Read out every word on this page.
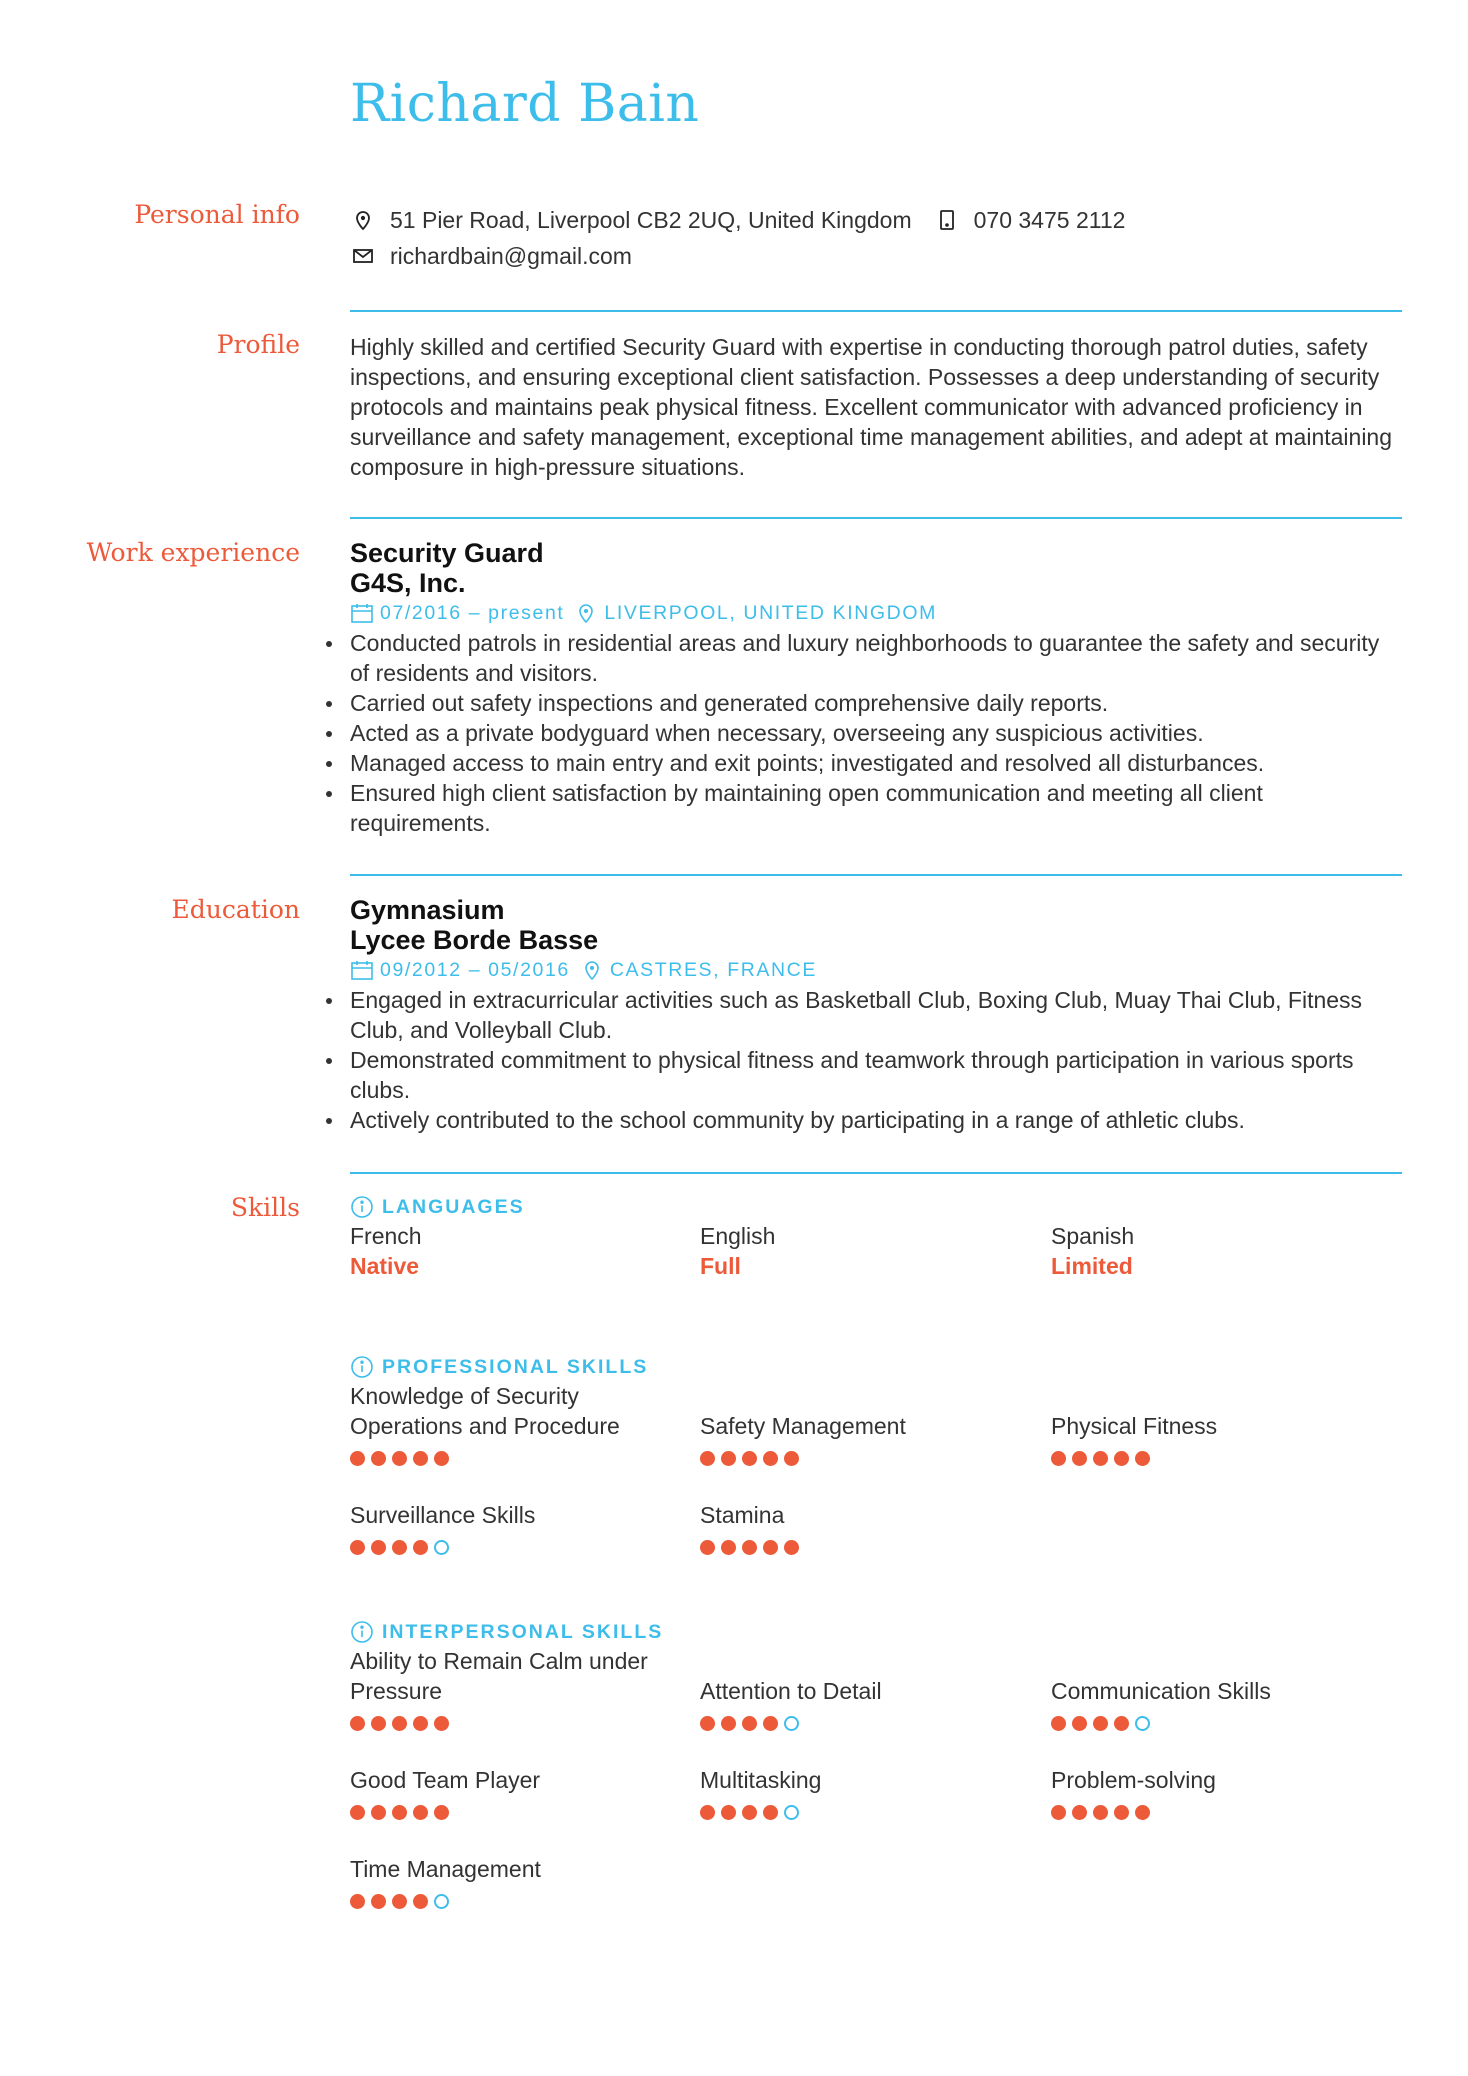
Richard Bain
Personal info	51 Pier Road, Liverpool CB2 2UQ, United Kingdom	070 3475 2112
richardbain@gmail.com
Profile Highly skilled and certified Security Guard with expertise in conducting thorough patrol duties, safety inspections, and ensuring exceptional client satisfaction. Possesses a deep understanding of security protocols and maintains peak physical fitness. Excellent communicator with advanced proficiency in surveillance and safety management, exceptional time management abilities, and adept at maintaining composure in high-pressure situations.

Work experience Security Guard
G4S, Inc.
07/2016 – present LIVERPOOL, UNITED KINGDOM
Conducted patrols in residential areas and luxury neighborhoods to guarantee the safety and security of residents and visitors.
Carried out safety inspections and generated comprehensive daily reports.
Acted as a private bodyguard when necessary, overseeing any suspicious activities.
Managed access to main entry and exit points; investigated and resolved all disturbances.
Ensured high client satisfaction by maintaining open communication and meeting all client requirements.
Education Gymnasium
Lycee Borde Basse
09/2012 – 05/2016 CASTRES, FRANCE
Engaged in extracurricular activities such as Basketball Club, Boxing Club, Muay Thai Club, Fitness Club, and Volleyball Club.
Demonstrated commitment to physical fitness and teamwork through participation in various sports clubs.
Actively contributed to the school community by participating in a range of athletic clubs.
Skills	LANGUAGES
French
Native
English
Full
Spanish
Limited
PROFESSIONAL SKILLS
Knowledge of Security Operations and Procedure	Safety Management	Physical Fitness
Surveillance Skills	Stamina
INTERPERSONAL SKILLS
Ability to Remain Calm under Pressure	Attention to Detail	Communication Skills
Good Team Player	Multitasking	Problem-solving
Time Management
